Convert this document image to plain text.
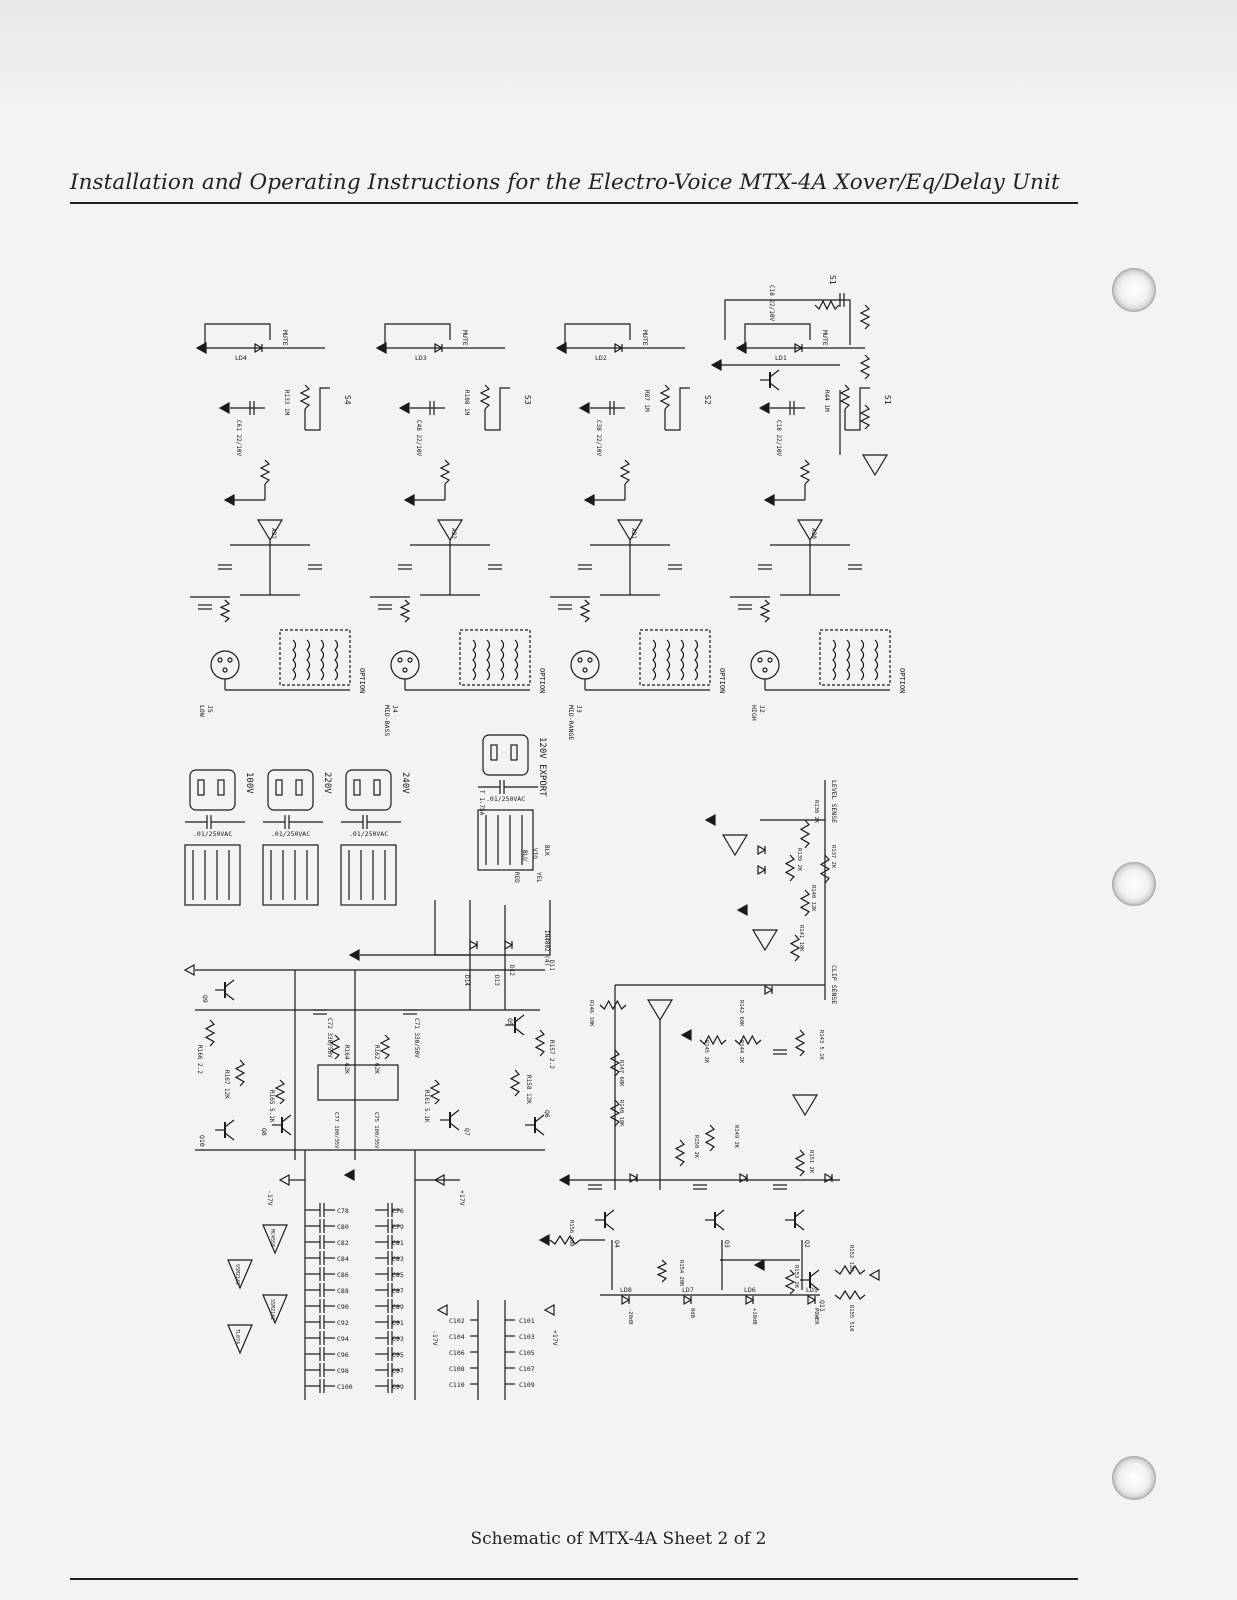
Installation and Operating Instructions for the Electro-Voice MTX-4A Xover/Eq/Delay Unit
LD4
MUTE
R133 1M	S4
C61 22/10V
A22
OPTION
J5
LOW
LD3
MUTE
R108 1M	S3
C48 22/10V
A22
OPTION
J4
MID-BASS
LD2
MUTE
R87 1M	S2
C38 22/10V
A21
OPTION
J3
MID-RANGE
LD1
MUTE
R44 1M	S1
C18 22/10V
A20
OPTION
J2
HIGH
C18 22/10V
S1
100V
.01/250VAC
220V
.01/250VAC
240V
.01/250VAC
120V EXPORT
.01/250VAC
T 1.75A
BLK
BLU VIO
RED	YEL
D14	D13
D12	D11
IN4002 (4)
C72 330/50V	C71 330/50V
R166 2.2	R157 2.2
R167 12K	R158 12K
R165 5.1K	R161 5.1K
R164 62K	R162 62K
C77 100/35V	C75 100/35V
Q9
Q10
Q8	Q7
Q5
Q6
-17V	+17V
C78
C80
C82
C84
C86
C88
C90
C92
C94
C96
C98
C100
C76
C79
C81
C83
C85
C87
C89
C91
C93
C95
C97
C99
C102
C104
C106
C108
C110
C101
C103
C105
C107
C109
-17V	+17V
MC4558
SSM2142
SSM2142
TL074
LEVEL SENSE
CLIP SENSE
Q4	Q3	Q2
Q11
R138 2K
R137 2K
R139 2K
R140 12K
R141 10K
R142 68K
R143 5.1K
R144 2K
R145 2K
R146 10K
R147 68K
R148 10K
R149 2K
R150 2K
R151 2K
R152 12K
R153 2K
R154 20K
R155 510
R156 100
LD8
-20dB
LD7
0dB
LD6
+10dB
LD5
POWER
Schematic of MTX-4A Sheet 2 of 2
